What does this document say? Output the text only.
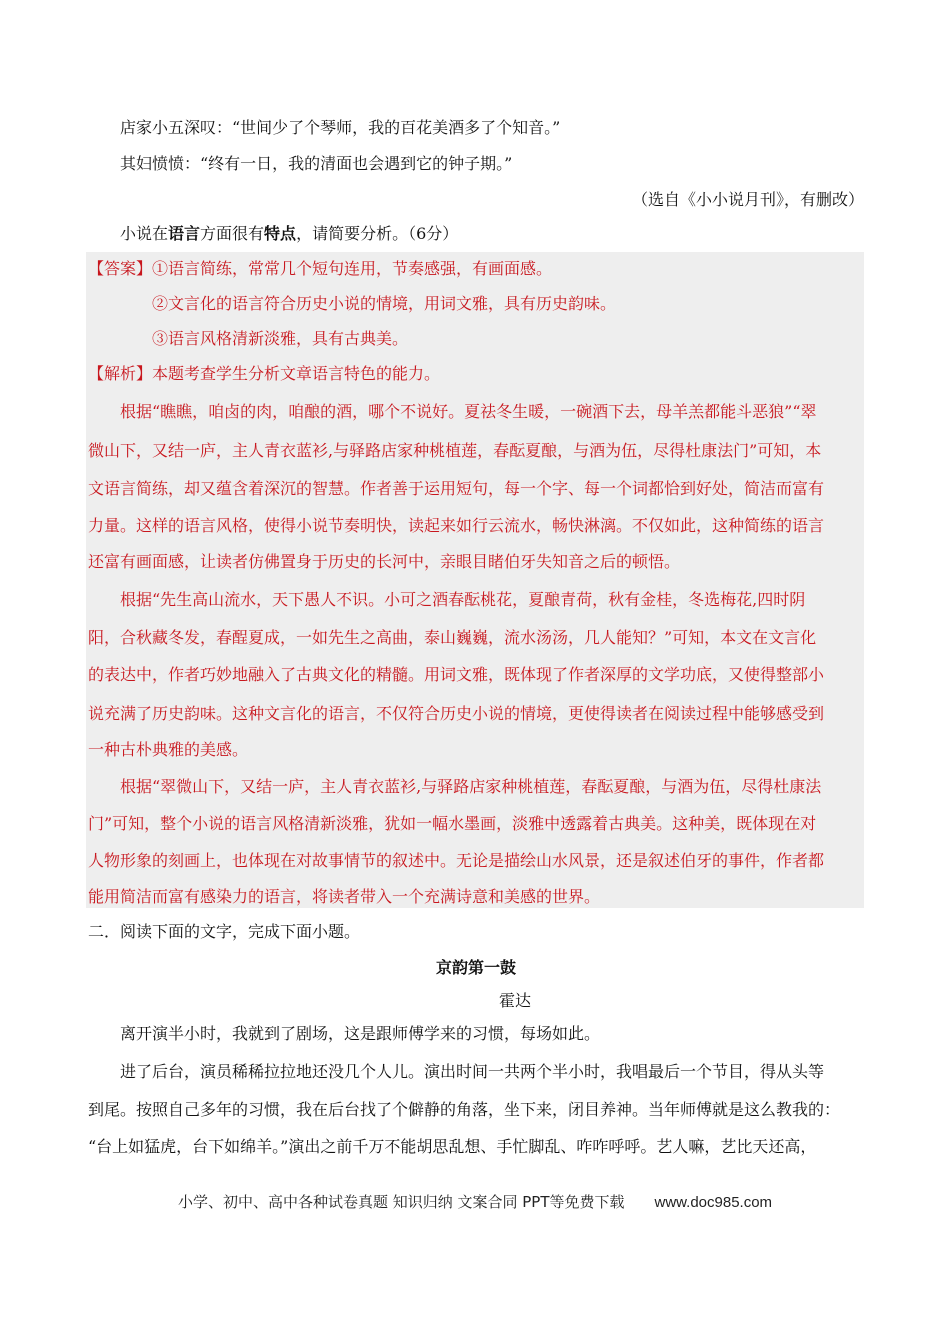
店家小五深叹：“世间少了个琴师，我的百花美酒多了个知音。”
其妇愤愤：“终有一日，我的清面也会遇到它的钟子期。”
（选自《小小说月刊》，有删改）
小说在语言方面很有特点，请简要分析。（6分）
【答案】①语言简练，常常几个短句连用，节奏感强，有画面感。
②文言化的语言符合历史小说的情境，用词文雅，具有历史韵味。
③语言风格清新淡雅，具有古典美。
【解析】本题考查学生分析文章语言特色的能力。
根据“瞧瞧，咱卤的肉，咱酿的酒，哪个不说好。夏祛冬生暖，一碗酒下去，母羊羔都能斗恶狼”“翠
微山下，又结一庐，主人青衣蓝衫,与驿路店家种桃植莲，春酝夏酿，与酒为伍，尽得杜康法门”可知，本
文语言简练，却又蕴含着深沉的智慧。作者善于运用短句，每一个字、每一个词都恰到好处，简洁而富有
力量。这样的语言风格，使得小说节奏明快，读起来如行云流水，畅快淋漓。不仅如此，这种简练的语言
还富有画面感，让读者仿佛置身于历史的长河中，亲眼目睹伯牙失知音之后的顿悟。
根据“先生高山流水，天下愚人不识。小可之酒春酝桃花，夏酿青荷，秋有金桂，冬选梅花,四时阴
阳，合秋藏冬发，春酲夏成，一如先生之高曲，泰山巍巍，流水汤汤，几人能知？”可知，本文在文言化
的表达中，作者巧妙地融入了古典文化的精髓。用词文雅，既体现了作者深厚的文学功底，又使得整部小
说充满了历史韵味。这种文言化的语言，不仅符合历史小说的情境，更使得读者在阅读过程中能够感受到
一种古朴典雅的美感。
根据“翠微山下，又结一庐，主人青衣蓝衫,与驿路店家种桃植莲，春酝夏酿，与酒为伍，尽得杜康法
门”可知，整个小说的语言风格清新淡雅，犹如一幅水墨画，淡雅中透露着古典美。这种美，既体现在对
人物形象的刻画上，也体现在对故事情节的叙述中。无论是描绘山水风景，还是叙述伯牙的事件，作者都
能用简洁而富有感染力的语言，将读者带入一个充满诗意和美感的世界。
二．阅读下面的文字，完成下面小题。
京韵第一鼓
霍达
离开演半小时，我就到了剧场，这是跟师傅学来的习惯，每场如此。
进了后台，演员稀稀拉拉地还没几个人儿。演出时间一共两个半小时，我唱最后一个节目，得从头等
到尾。按照自己多年的习惯，我在后台找了个僻静的角落，坐下来，闭目养神。当年师傅就是这么教我的：
“台上如猛虎，台下如绵羊。”演出之前千万不能胡思乱想、手忙脚乱、咋咋呼呼。艺人嘛，艺比天还高，
小学、初中、高中各种试卷真题 知识归纳 文案合同 PPT等免费下载 www.doc985.com
